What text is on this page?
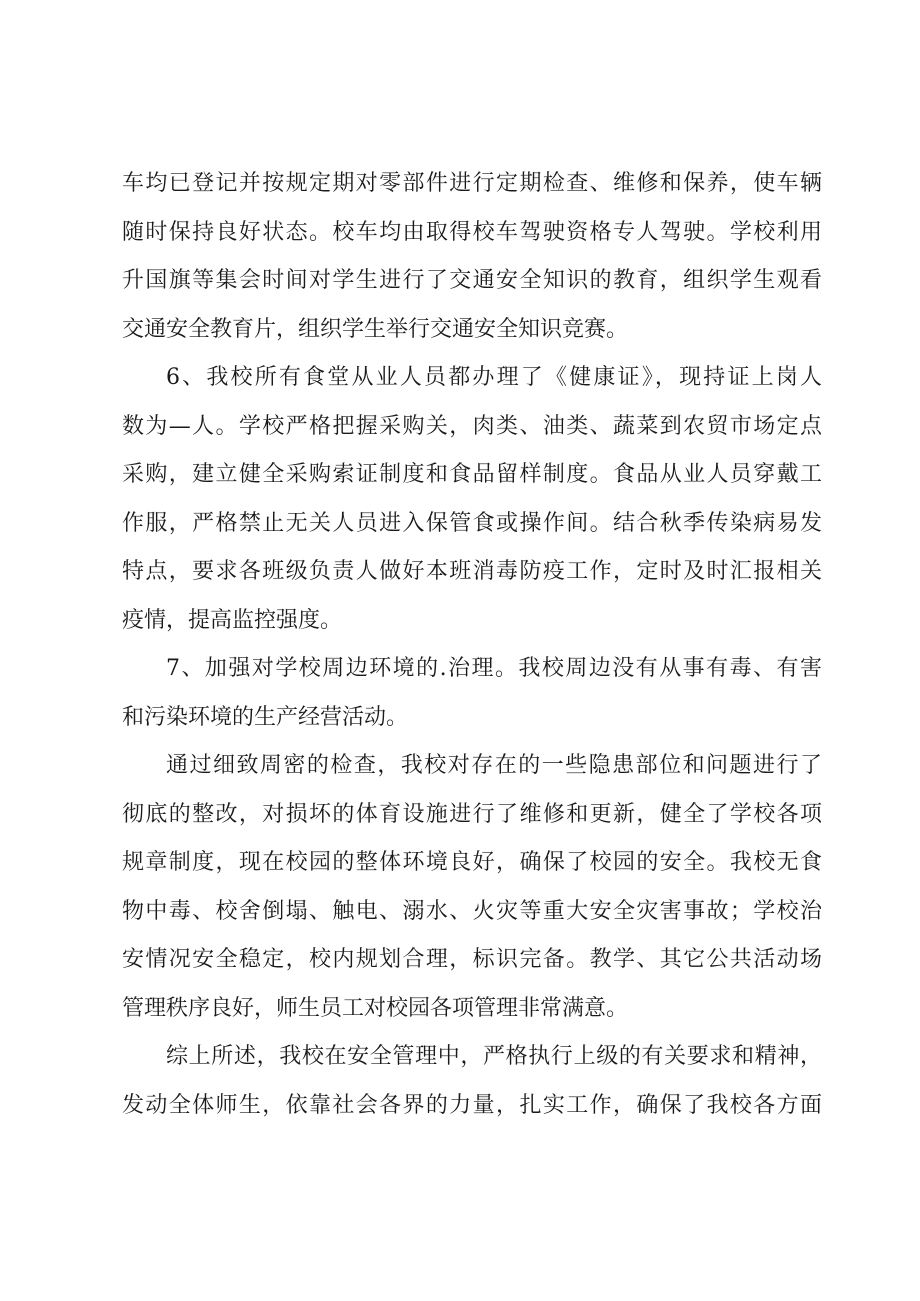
车均已登记并按规定期对零部件进行定期检查、维修和保养，使车辆
随时保持良好状态。校车均由取得校车驾驶资格专人驾驶。学校利用
升国旗等集会时间对学生进行了交通安全知识的教育，组织学生观看
交通安全教育片，组织学生举行交通安全知识竞赛。
6、我校所有食堂从业人员都办理了《健康证》，现持证上岗人
数为—人。学校严格把握采购关，肉类、油类、蔬菜到农贸市场定点
采购，建立健全采购索证制度和食品留样制度。食品从业人员穿戴工
作服，严格禁止无关人员进入保管食或操作间。结合秋季传染病易发
特点，要求各班级负责人做好本班消毒防疫工作，定时及时汇报相关
疫情，提高监控强度。
7、加强对学校周边环境的.治理。我校周边没有从事有毒、有害
和污染环境的生产经营活动。
通过细致周密的检查，我校对存在的一些隐患部位和问题进行了
彻底的整改，对损坏的体育设施进行了维修和更新，健全了学校各项
规章制度，现在校园的整体环境良好，确保了校园的安全。我校无食
物中毒、校舍倒塌、触电、溺水、火灾等重大安全灾害事故；学校治
安情况安全稳定，校内规划合理，标识完备。教学、其它公共活动场
管理秩序良好，师生员工对校园各项管理非常满意。
综上所述，我校在安全管理中，严格执行上级的有关要求和精神，
发动全体师生，依靠社会各界的力量，扎实工作，确保了我校各方面
